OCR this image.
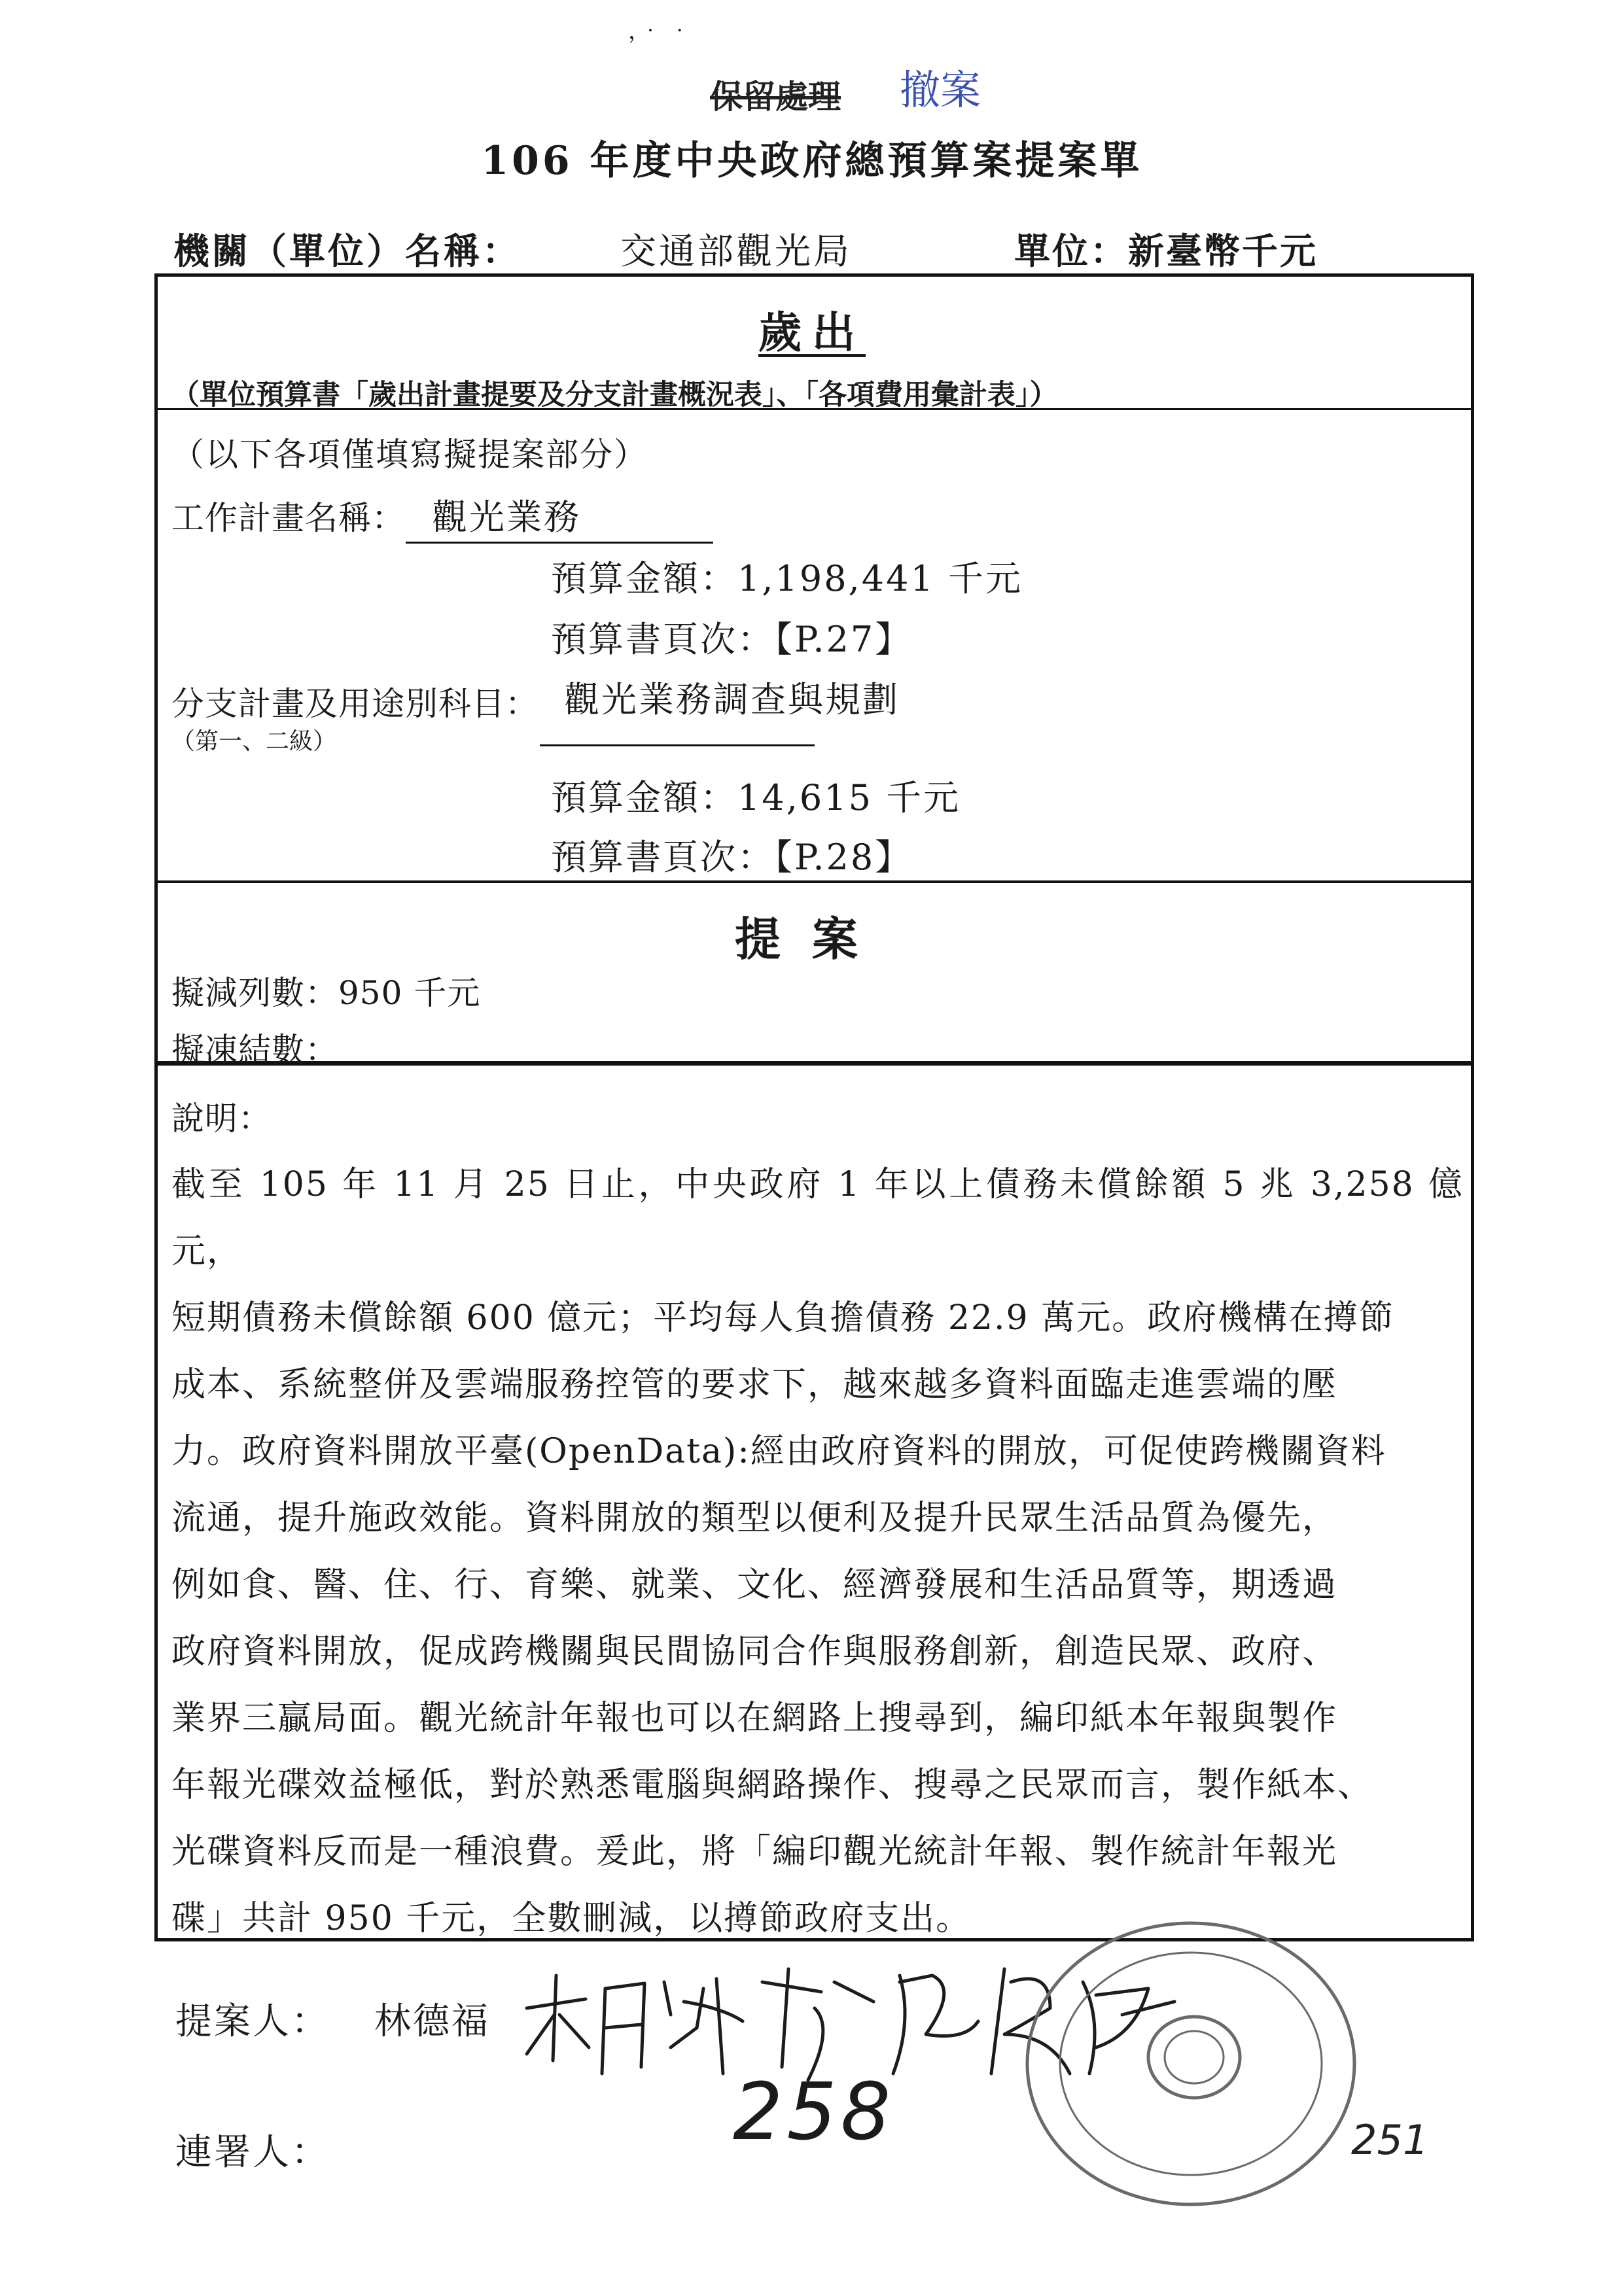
，‧ ‧
保留處理 撤案
106 年度中央政府總預算案提案單
機關（單位）名稱：	交通部觀光局	單位：新臺幣千元
歲出
（單位預算書「歲出計畫提要及分支計畫概況表」、「各項費用彙計表」）
（以下各項僅填寫擬提案部分）
工作計畫名稱： 觀光業務
預算金額：1,198,441 千元
預算書頁次：【P.27】
分支計畫及用途別科目： 觀光業務調查與規劃
（第一、二級）
預算金額：14,615 千元
預算書頁次：【P.28】
提案
擬減列數：950 千元
擬凍結數：
說明：
截至 105 年 11 月 25 日止，中央政府 1 年以上債務未償餘額 5 兆 3,258 億元，
短期債務未償餘額 600 億元；平均每人負擔債務 22.9 萬元。政府機構在撙節
成本、系統整併及雲端服務控管的要求下，越來越多資料面臨走進雲端的壓
力。政府資料開放平臺(OpenData):經由政府資料的開放，可促使跨機關資料
流通，提升施政效能。資料開放的類型以便利及提升民眾生活品質為優先，
例如食、醫、住、行、育樂、就業、文化、經濟發展和生活品質等，期透過
政府資料開放，促成跨機關與民間協同合作與服務創新，創造民眾、政府、
業界三贏局面。觀光統計年報也可以在網路上搜尋到，編印紙本年報與製作
年報光碟效益極低，對於熟悉電腦與網路操作、搜尋之民眾而言，製作紙本、
光碟資料反而是一種浪費。爰此，將「編印觀光統計年報、製作統計年報光
碟」共計 950 千元，全數刪減，以撙節政府支出。
提案人： 林德福
連署人：	258	251
